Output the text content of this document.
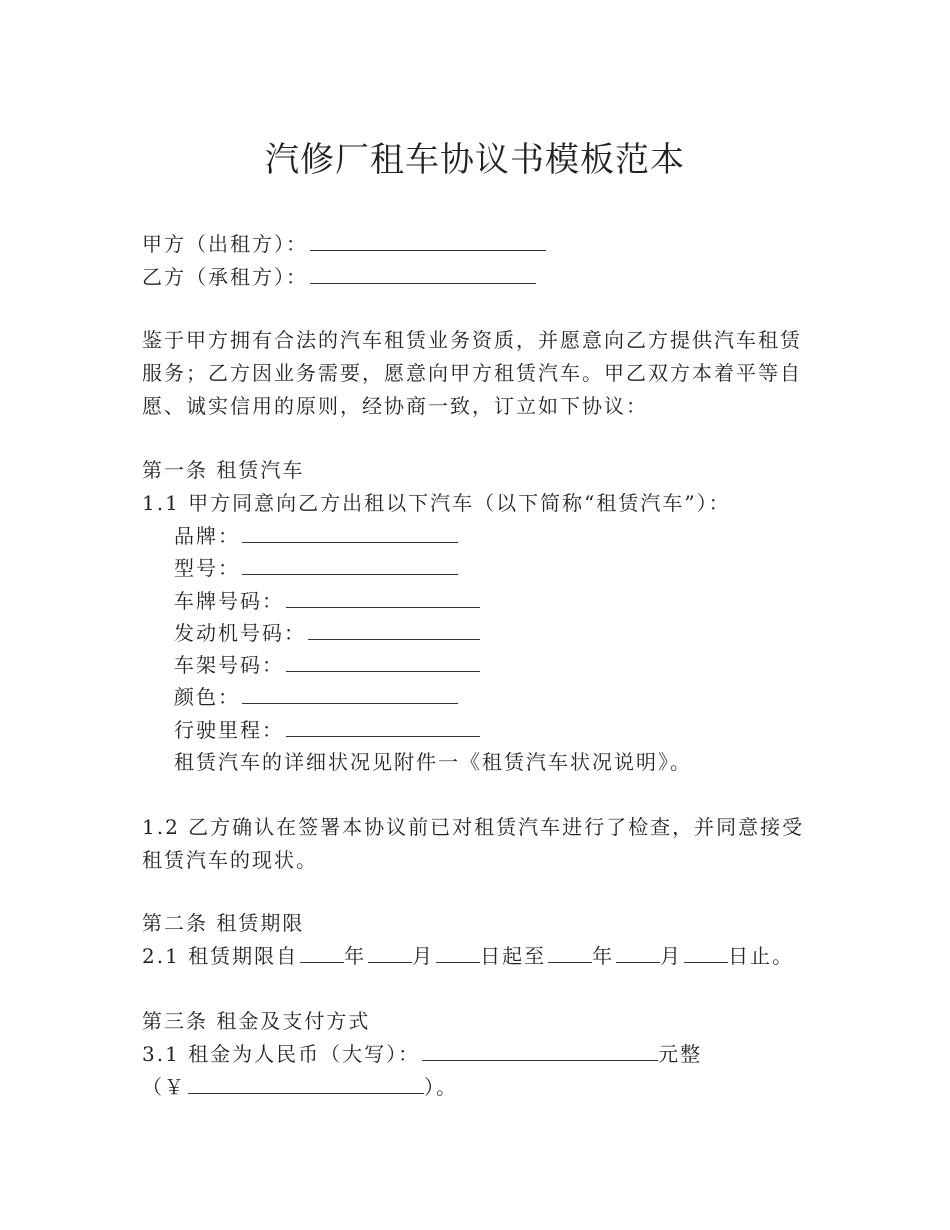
汽修厂租车协议书模板范本
甲方（出租方）：
乙方（承租方）：
鉴于甲方拥有合法的汽车租赁业务资质，并愿意向乙方提供汽车租赁
服务；乙方因业务需要，愿意向甲方租赁汽车。甲乙双方本着平等自
愿、诚实信用的原则，经协商一致，订立如下协议：
第一条 租赁汽车
1.1 甲方同意向乙方出租以下汽车（以下简称“租赁汽车”）：
品牌：
型号：
车牌号码：
发动机号码：
车架号码：
颜色：
行驶里程：
租赁汽车的详细状况见附件一《租赁汽车状况说明》。
1.2 乙方确认在签署本协议前已对租赁汽车进行了检查，并同意接受
租赁汽车的现状。
第二条 租赁期限
2.1 租赁期限自 年 月 日起至 年 月 日止。
第三条 租金及支付方式
3.1 租金为人民币（大写）：	元整
（￥	）。
